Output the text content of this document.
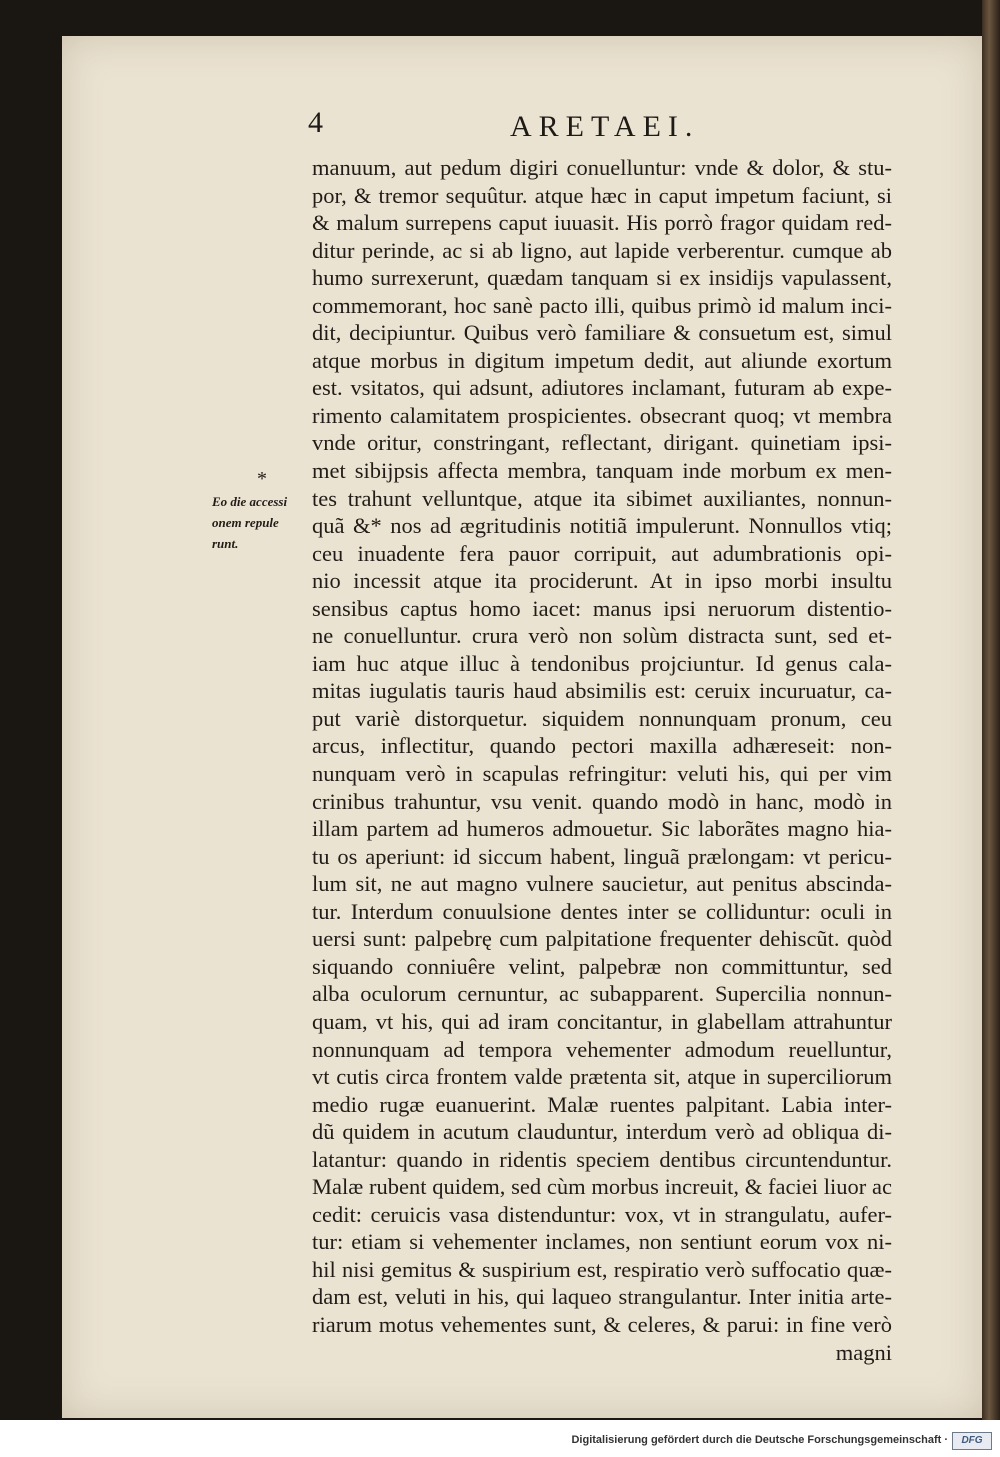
4	ARETAEI.
manuum, aut pedum digiri conuelluntur: vnde & dolor, & stu-
por, & tremor sequûtur. atque hæc in caput impetum faciunt, si
& malum surrepens caput iuuasit. His porrò fragor quidam red-
ditur perinde, ac si ab ligno, aut lapide verberentur. cumque ab
humo surrexerunt, quædam tanquam si ex insidijs vapulassent,
commemorant, hoc sanè pacto illi, quibus primò id malum inci-
dit, decipiuntur. Quibus verò familiare & consuetum est, simul
atque morbus in digitum impetum dedit, aut aliunde exortum
est. vsitatos, qui adsunt, adiutores inclamant, futuram ab expe-
rimento calamitatem prospicientes. obsecrant quoq; vt membra
vnde oritur, constringant, reflectant, dirigant. quinetiam ipsi-
met sibijpsis affecta membra, tanquam inde morbum ex men-
tes trahunt velluntque, atque ita sibimet auxiliantes, nonnun-
quã &* nos ad ægritudinis notitiã impulerunt. Nonnullos vtiq;
ceu inuadente fera pauor corripuit, aut adumbrationis opi-
nio incessit atque ita prociderunt. At in ipso morbi insultu
sensibus captus homo iacet: manus ipsi neruorum distentio-
ne conuelluntur. crura verò non solùm distracta sunt, sed et-
iam huc atque illuc à tendonibus projciuntur. Id genus cala-
mitas iugulatis tauris haud absimilis est: ceruix incuruatur, ca-
put variè distorquetur. siquidem nonnunquam pronum, ceu
arcus, inflectitur, quando pectori maxilla adhæreseit: non-
nunquam verò in scapulas refringitur: veluti his, qui per vim
crinibus trahuntur, vsu venit. quando modò in hanc, modò in
illam partem ad humeros admouetur. Sic laborãtes magno hia-
tu os aperiunt: id siccum habent, linguã prælongam: vt pericu-
lum sit, ne aut magno vulnere saucietur, aut penitus abscinda-
tur. Interdum conuulsione dentes inter se colliduntur: oculi in
uersi sunt: palpebrę cum palpitatione frequenter dehiscũt. quòd
siquando conniuêre velint, palpebræ non committuntur, sed
alba oculorum cernuntur, ac subapparent. Supercilia nonnun-
quam, vt his, qui ad iram concitantur, in glabellam attrahuntur
nonnunquam ad tempora vehementer admodum reuelluntur,
vt cutis circa frontem valde prætenta sit, atque in superciliorum
medio rugæ euanuerint. Malæ ruentes palpitant. Labia inter-
dũ quidem in acutum clauduntur, interdum verò ad obliqua di-
latantur: quando in ridentis speciem dentibus circuntenduntur.
Malæ rubent quidem, sed cùm morbus increuit, & faciei liuor ac
cedit: ceruicis vasa distenduntur: vox, vt in strangulatu, aufer-
tur: etiam si vehementer inclames, non sentiunt eorum vox ni-
hil nisi gemitus & suspirium est, respiratio verò suffocatio quæ-
dam est, veluti in his, qui laqueo strangulantur. Inter initia arte-
riarum motus vehementes sunt, & celeres, & parui: in fine verò
magni
*
Eo die accessi
onem repule
runt.
Digitalisierung gefördert durch die Deutsche Forschungsgemeinschaft ·	DFG
